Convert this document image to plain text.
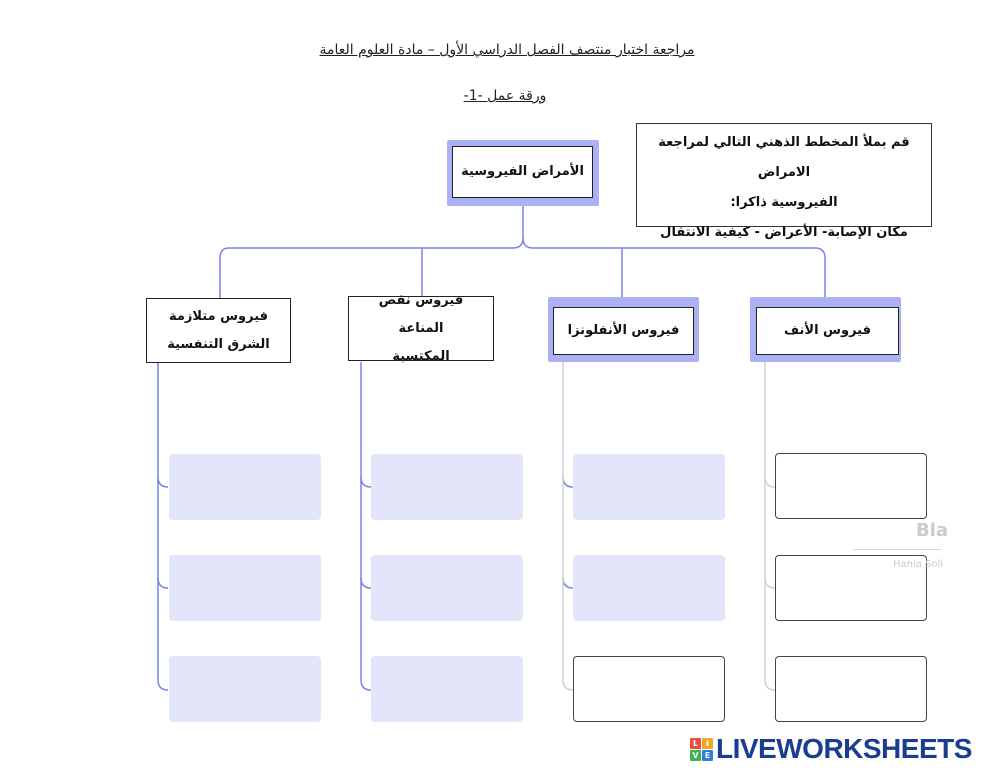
مراجعة اختبار منتصف الفصل الدراسي الأول – مادة العلوم العامة
ورقة عمل -1-
قم بملأ المخطط الذهني التالي لمراجعة الامراض
الفيروسية ذاكرا:
مكان الإصابة- الأعراض - كيفية الانتقال
الأمراض الفيروسية
فيروس متلازمة
الشرق التنفسية
فيروس نقص المناعة
المكتسبة
فيروس الأنفلونزا	فيروس الأنف
Bla
Hania Soli
L I
V E LIVEWORKSHEETS
